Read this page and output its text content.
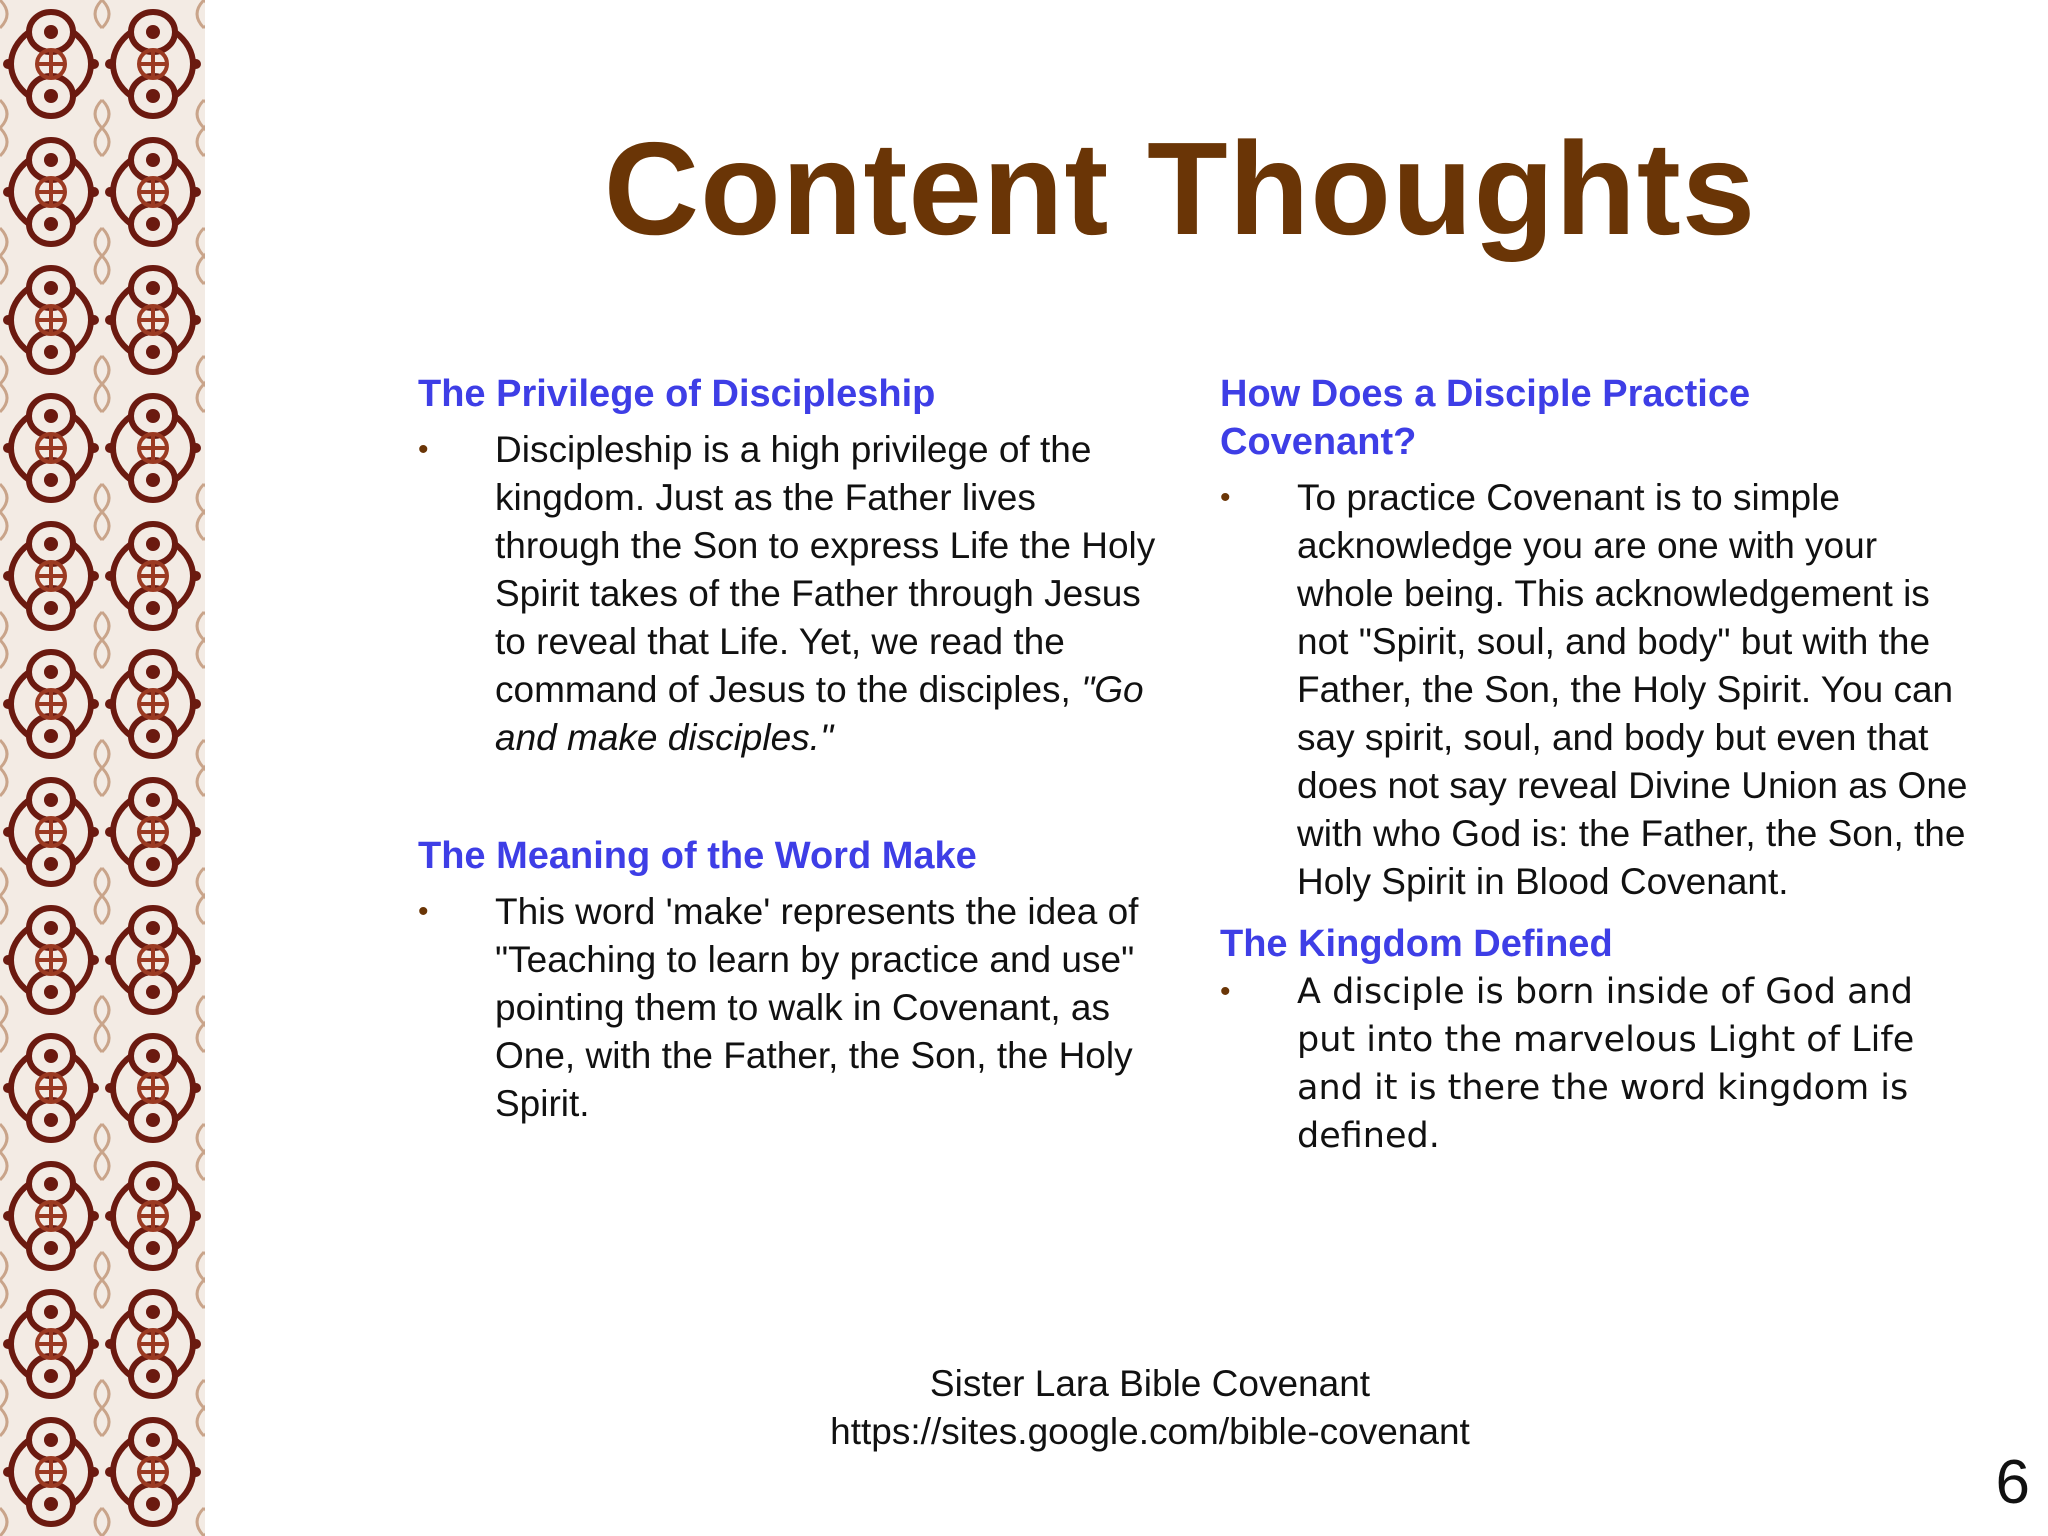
Content Thoughts
The Privilege of Discipleship
•	Discipleship is a high privilege of the kingdom. Just as the Father lives through the Son to express Life the Holy Spirit takes of the Father through Jesus to reveal that Life. Yet, we read the command of Jesus to the disciples, "Go and make disciples."
The Meaning of the Word Make
•	This word 'make' represents the idea of "Teaching to learn by practice and use" pointing them to walk in Covenant, as One, with the Father, the Son, the Holy Spirit.
How Does a Disciple Practice Covenant?
•	To practice Covenant is to simple acknowledge you are one with your whole being. This acknowledgement is not "Spirit, soul, and body" but with the Father, the Son, the Holy Spirit. You can say spirit, soul, and body but even that does not say reveal Divine Union as One with who God is: the Father, the Son, the Holy Spirit in Blood Covenant.
The Kingdom Defined
•	A disciple is born inside of God and put into the marvelous Light of Life and it is there the word kingdom is defined.
Sister Lara Bible Covenant
https://sites.google.com/bible-covenant
6
